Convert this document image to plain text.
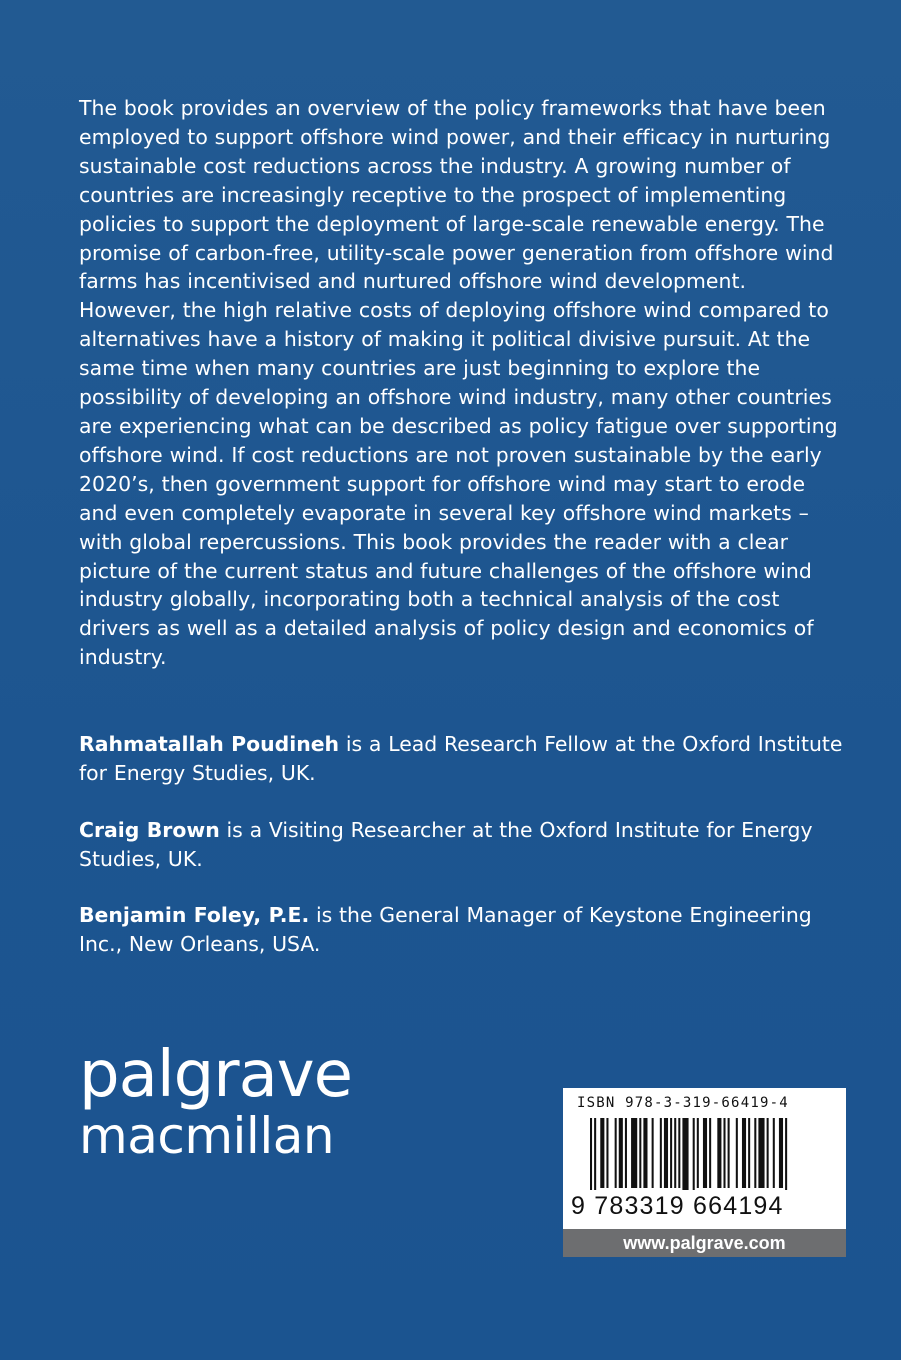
The book provides an overview of the policy frameworks that have been employed to support offshore wind power, and their efficacy in nurturing sustainable cost reductions across the industry. A growing number of countries are increasingly receptive to the prospect of implementing policies to support the deployment of large-scale renewable energy. The promise of carbon-free, utility-scale power generation from offshore wind farms has incentivised and nurtured offshore wind development. However, the high relative costs of deploying offshore wind compared to alternatives have a history of making it political divisive pursuit. At the same time when many countries are just beginning to explore the possibility of developing an offshore wind industry, many other countries are experiencing what can be described as policy fatigue over supporting offshore wind. If cost reductions are not proven sustainable by the early 2020’s, then government support for offshore wind may start to erode and even completely evaporate in several key offshore wind markets – with global repercussions. This book provides the reader with a clear picture of the current status and future challenges of the offshore wind industry globally, incorporating both a technical analysis of the cost drivers as well as a detailed analysis of policy design and economics of industry.

Rahmatallah Poudineh is a Lead Research Fellow at the Oxford Institute for Energy Studies, UK.

Craig Brown is a Visiting Researcher at the Oxford Institute for Energy Studies, UK.

Benjamin Foley, P.E. is the General Manager of Keystone Engineering Inc., New Orleans, USA.

palgrave
macmillan
ISBN 978-3-319-66419-4
9 783319 664194
www.palgrave.com
